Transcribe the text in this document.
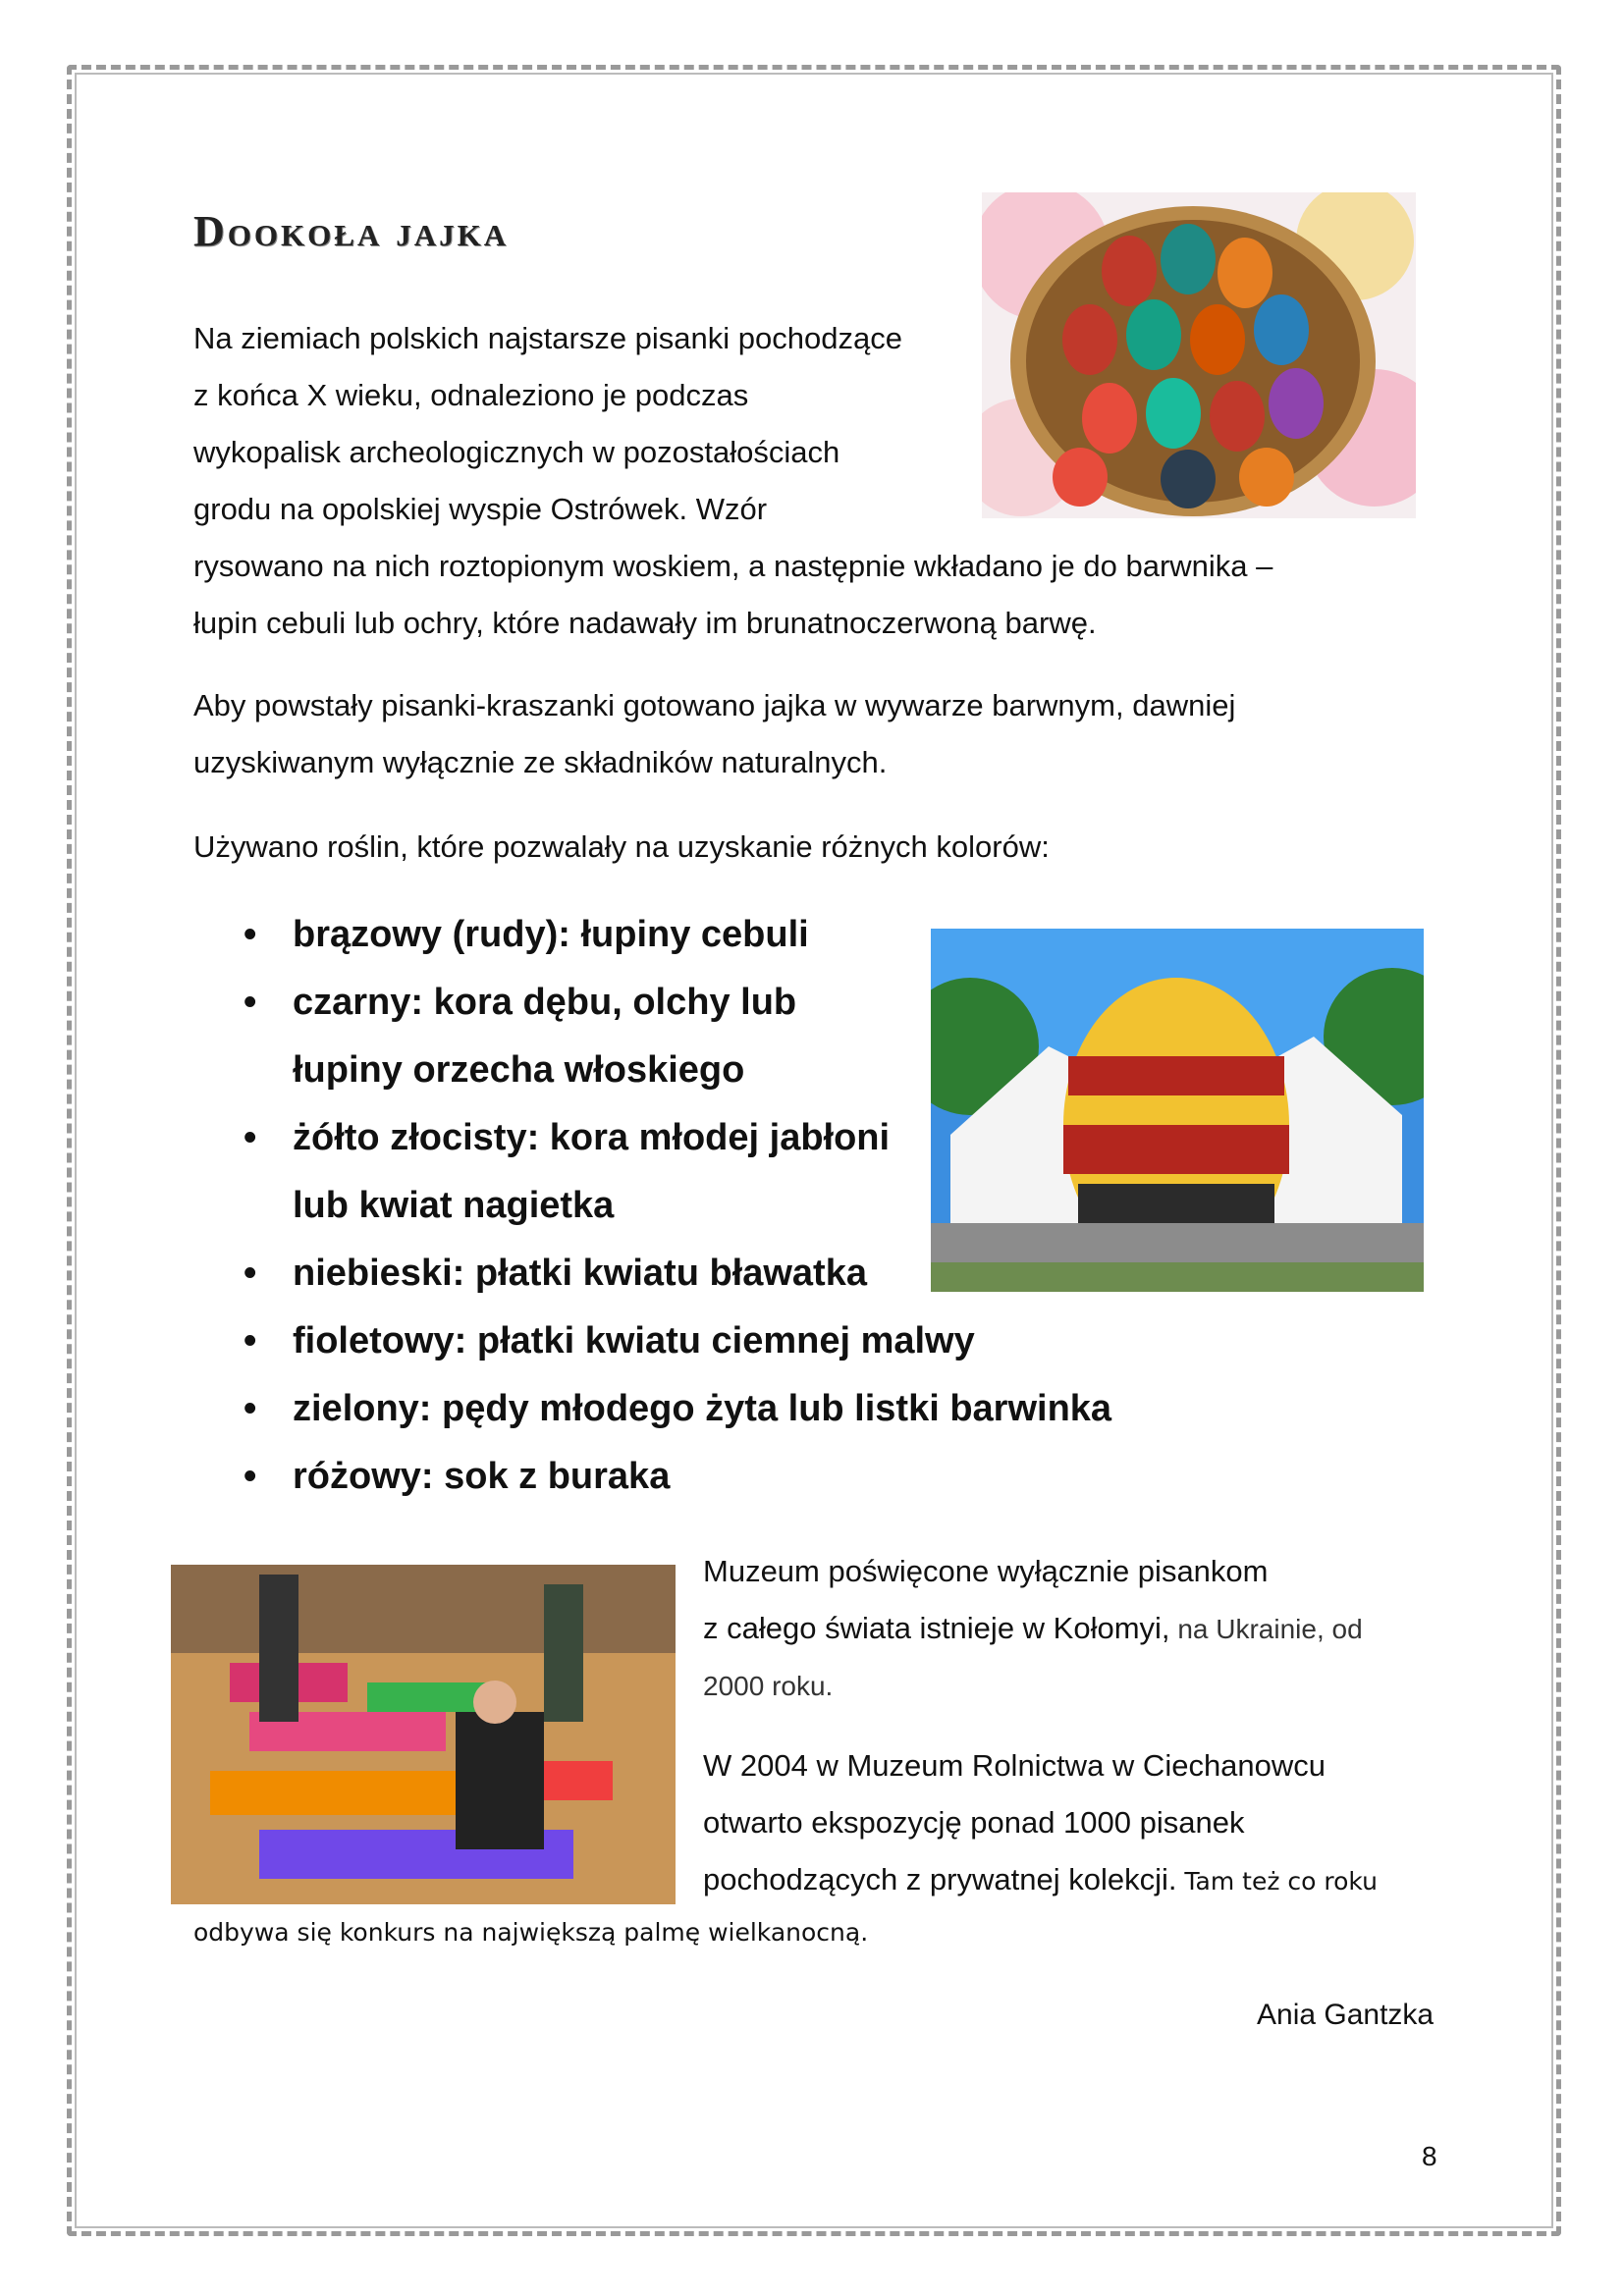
Dookoła jajka
Na ziemiach polskich najstarsze pisanki pochodzące
z końca X wieku, odnaleziono je podczas
wykopalisk archeologicznych w pozostałościach
grodu na opolskiej wyspie Ostrówek. Wzór
rysowano na nich roztopionym woskiem, a następnie wkładano je do barwnika –
łupin cebuli lub ochry, które nadawały im brunatnoczerwoną barwę.
Aby powstały pisanki-kraszanki gotowano jajka w wywarze barwnym, dawniej
uzyskiwanym wyłącznie ze składników naturalnych.
Używano roślin, które pozwalały na uzyskanie różnych kolorów:
• brązowy (rudy): łupiny cebuli
• czarny: kora dębu, olchy lub
łupiny orzecha włoskiego
• żółto złocisty: kora młodej jabłoni
lub kwiat nagietka
• niebieski: płatki kwiatu bławatka
• fioletowy: płatki kwiatu ciemnej malwy
• zielony: pędy młodego żyta lub listki barwinka
• różowy: sok z buraka
Muzeum poświęcone wyłącznie pisankom
z całego świata istnieje w Kołomyi, na Ukrainie, od
2000 roku.
W 2004 w Muzeum Rolnictwa w Ciechanowcu
otwarto ekspozycję ponad 1000 pisanek
pochodzących z prywatnej kolekcji. Tam też co roku
odbywa się konkurs na największą palmę wielkanocną.
Ania Gantzka
8
